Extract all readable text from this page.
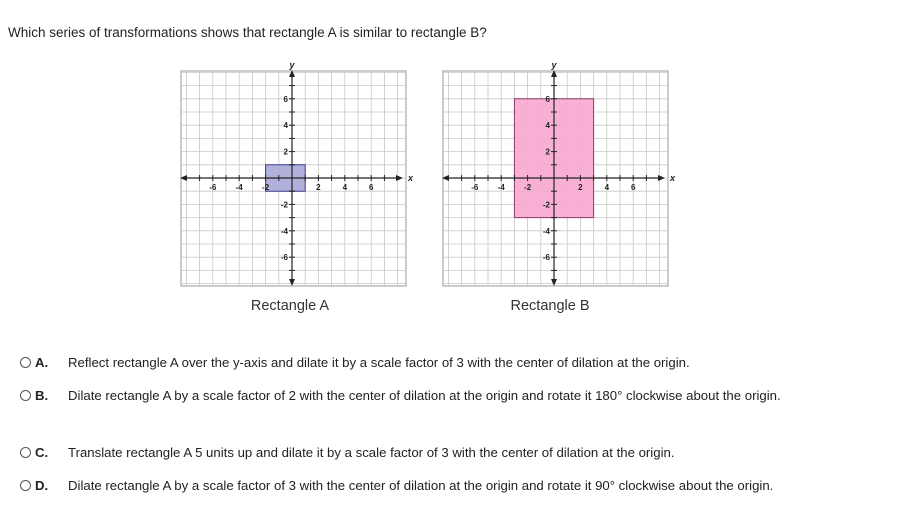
Which series of transformations shows that rectangle A is similar to rectangle B?
-6 -4 -2	2	4	6
6
4
2
-2
-4
-6
x
y
Rectangle A
-6 -4 -2	2	4	6
6
4
2
-2
-4
-6
x
y
Rectangle B
A. Reflect rectangle A over the y-axis and dilate it by a scale factor of 3 with the center of dilation at the origin.
B. Dilate rectangle A by a scale factor of 2 with the center of dilation at the origin and rotate it 180° clockwise about the origin.
C. Translate rectangle A 5 units up and dilate it by a scale factor of 3 with the center of dilation at the origin.
D. Dilate rectangle A by a scale factor of 3 with the center of dilation at the origin and rotate it 90° clockwise about the origin.
